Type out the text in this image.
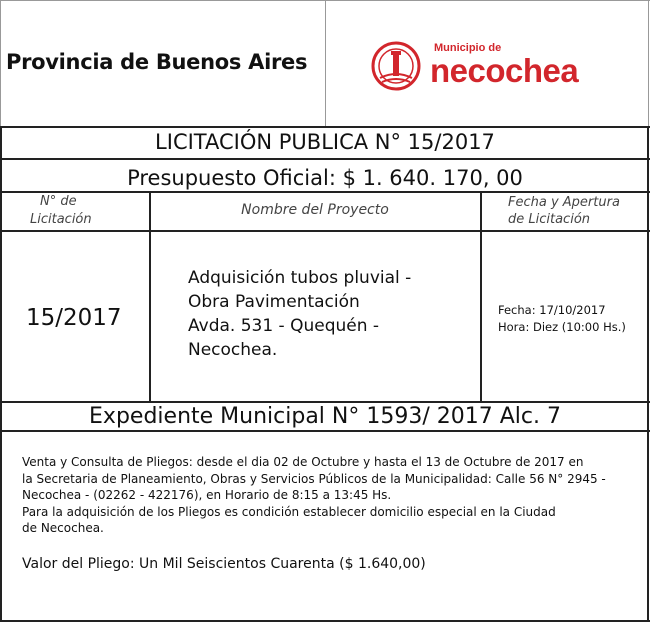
Provincia de Buenos Aires
Municipio de
necochea
LICITACIÓN PUBLICA N° 15/2017
Presupuesto Oficial: $ 1. 640. 170, 00
N° de
Licitación
Nombre del Proyecto	Fecha y Apertura
de Licitación
15/2017
Adquisición tubos pluvial -
Obra Pavimentación
Avda. 531 - Quequén -
Necochea.
Fecha: 17/10/2017
Hora: Diez (10:00 Hs.)
Expediente Municipal N° 1593/ 2017 Alc. 7
Venta y Consulta de Pliegos: desde el dia 02 de Octubre y hasta el 13 de Octubre de 2017 en
la Secretaria de Planeamiento, Obras y Servicios Públicos de la Municipalidad: Calle 56 N° 2945 -
Necochea - (02262 - 422176), en Horario de 8:15 a 13:45 Hs.
Para la adquisición de los Pliegos es condición establecer domicilio especial en la Ciudad
de Necochea.
Valor del Pliego: Un Mil Seiscientos Cuarenta ($ 1.640,00)
